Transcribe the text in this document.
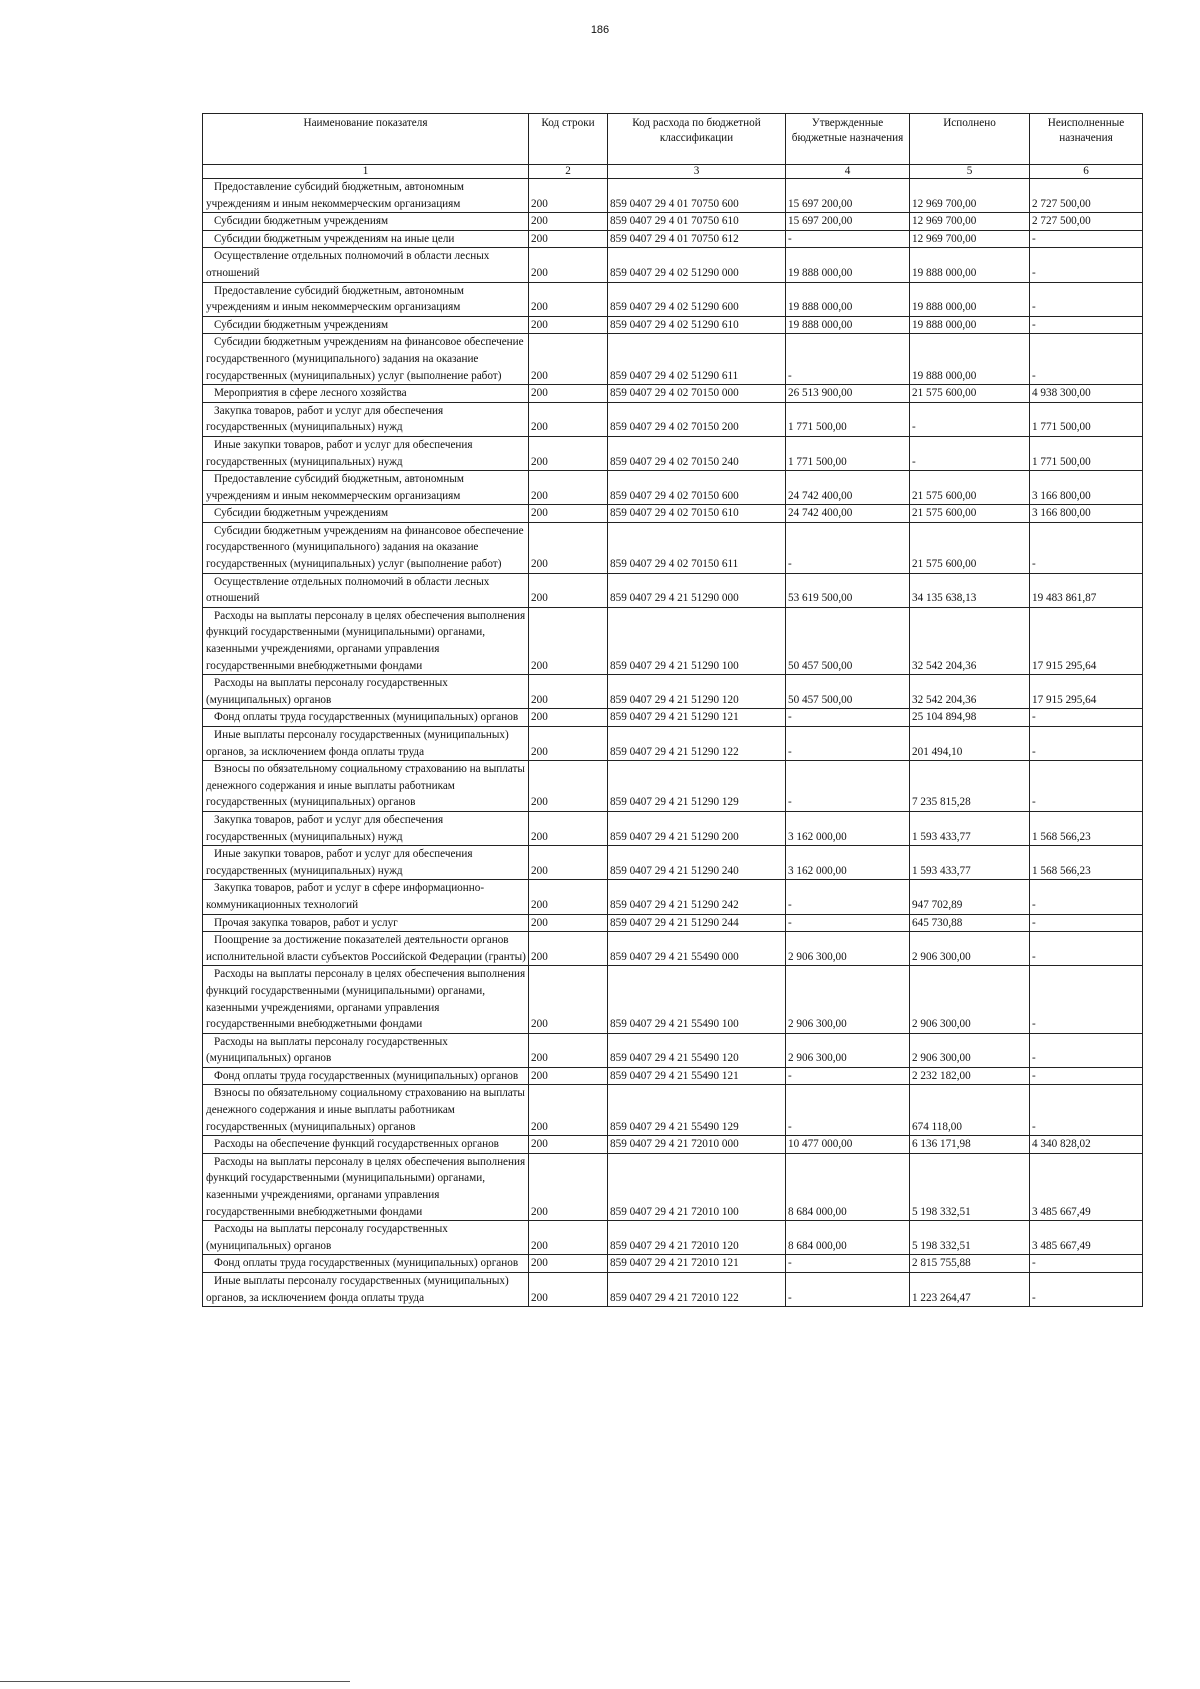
186
Наименование показателя	Код строки	Код расхода по бюджетной классификации	Утвержденные бюджетные назначения	Исполнено	Неисполненные назначения
1	2	3	4	5	6
Предоставление субсидий бюджетным, автономным учреждениям и иным некоммерческим организациям	200	859 0407 29 4 01 70750 600	15 697 200,00	12 969 700,00	2 727 500,00
Субсидии бюджетным учреждениям	200	859 0407 29 4 01 70750 610	15 697 200,00	12 969 700,00	2 727 500,00
Субсидии бюджетным учреждениям на иные цели	200	859 0407 29 4 01 70750 612	-	12 969 700,00	-
Осуществление отдельных полномочий в области лесных отношений	200	859 0407 29 4 02 51290 000	19 888 000,00	19 888 000,00	-
Предоставление субсидий бюджетным, автономным учреждениям и иным некоммерческим организациям	200	859 0407 29 4 02 51290 600	19 888 000,00	19 888 000,00	-
Субсидии бюджетным учреждениям	200	859 0407 29 4 02 51290 610	19 888 000,00	19 888 000,00	-
Субсидии бюджетным учреждениям на финансовое обеспечение государственного (муниципального) задания на оказание государственных (муниципальных) услуг (выполнение работ)	200	859 0407 29 4 02 51290 611	-	19 888 000,00	-
Мероприятия в сфере лесного хозяйства	200	859 0407 29 4 02 70150 000	26 513 900,00	21 575 600,00	4 938 300,00
Закупка товаров, работ и услуг для обеспечения государственных (муниципальных) нужд	200	859 0407 29 4 02 70150 200	1 771 500,00	-	1 771 500,00
Иные закупки товаров, работ и услуг для обеспечения государственных (муниципальных) нужд	200	859 0407 29 4 02 70150 240	1 771 500,00	-	1 771 500,00
Предоставление субсидий бюджетным, автономным учреждениям и иным некоммерческим организациям	200	859 0407 29 4 02 70150 600	24 742 400,00	21 575 600,00	3 166 800,00
Субсидии бюджетным учреждениям	200	859 0407 29 4 02 70150 610	24 742 400,00	21 575 600,00	3 166 800,00
Субсидии бюджетным учреждениям на финансовое обеспечение государственного (муниципального) задания на оказание государственных (муниципальных) услуг (выполнение работ)	200	859 0407 29 4 02 70150 611	-	21 575 600,00	-
Осуществление отдельных полномочий в области лесных отношений	200	859 0407 29 4 21 51290 000	53 619 500,00	34 135 638,13	19 483 861,87
Расходы на выплаты персоналу в целях обеспечения выполнения функций государственными (муниципальными) органами, казенными учреждениями, органами управления государственными внебюджетными фондами	200	859 0407 29 4 21 51290 100	50 457 500,00	32 542 204,36	17 915 295,64
Расходы на выплаты персоналу государственных (муниципальных) органов	200	859 0407 29 4 21 51290 120	50 457 500,00	32 542 204,36	17 915 295,64
Фонд оплаты труда государственных (муниципальных) органов	200	859 0407 29 4 21 51290 121	-	25 104 894,98	-
Иные выплаты персоналу государственных (муниципальных) органов, за исключением фонда оплаты труда	200	859 0407 29 4 21 51290 122	-	201 494,10	-
Взносы по обязательному социальному страхованию на выплаты денежного содержания и иные выплаты работникам государственных (муниципальных) органов	200	859 0407 29 4 21 51290 129	-	7 235 815,28	-
Закупка товаров, работ и услуг для обеспечения государственных (муниципальных) нужд	200	859 0407 29 4 21 51290 200	3 162 000,00	1 593 433,77	1 568 566,23
Иные закупки товаров, работ и услуг для обеспечения государственных (муниципальных) нужд	200	859 0407 29 4 21 51290 240	3 162 000,00	1 593 433,77	1 568 566,23
Закупка товаров, работ и услуг в сфере информационно-коммуникационных технологий	200	859 0407 29 4 21 51290 242	-	947 702,89	-
Прочая закупка товаров, работ и услуг	200	859 0407 29 4 21 51290 244	-	645 730,88	-
Поощрение за достижение показателей деятельности органов исполнительной власти субъектов Российской Федерации (гранты)	200	859 0407 29 4 21 55490 000	2 906 300,00	2 906 300,00	-
Расходы на выплаты персоналу в целях обеспечения выполнения функций государственными (муниципальными) органами, казенными учреждениями, органами управления государственными внебюджетными фондами	200	859 0407 29 4 21 55490 100	2 906 300,00	2 906 300,00	-
Расходы на выплаты персоналу государственных (муниципальных) органов	200	859 0407 29 4 21 55490 120	2 906 300,00	2 906 300,00	-
Фонд оплаты труда государственных (муниципальных) органов	200	859 0407 29 4 21 55490 121	-	2 232 182,00	-
Взносы по обязательному социальному страхованию на выплаты денежного содержания и иные выплаты работникам государственных (муниципальных) органов	200	859 0407 29 4 21 55490 129	-	674 118,00	-
Расходы на обеспечение функций государственных органов	200	859 0407 29 4 21 72010 000	10 477 000,00	6 136 171,98	4 340 828,02
Расходы на выплаты персоналу в целях обеспечения выполнения функций государственными (муниципальными) органами, казенными учреждениями, органами управления государственными внебюджетными фондами	200	859 0407 29 4 21 72010 100	8 684 000,00	5 198 332,51	3 485 667,49
Расходы на выплаты персоналу государственных (муниципальных) органов	200	859 0407 29 4 21 72010 120	8 684 000,00	5 198 332,51	3 485 667,49
Фонд оплаты труда государственных (муниципальных) органов	200	859 0407 29 4 21 72010 121	-	2 815 755,88	-
Иные выплаты персоналу государственных (муниципальных) органов, за исключением фонда оплаты труда	200	859 0407 29 4 21 72010 122	-	1 223 264,47	-
